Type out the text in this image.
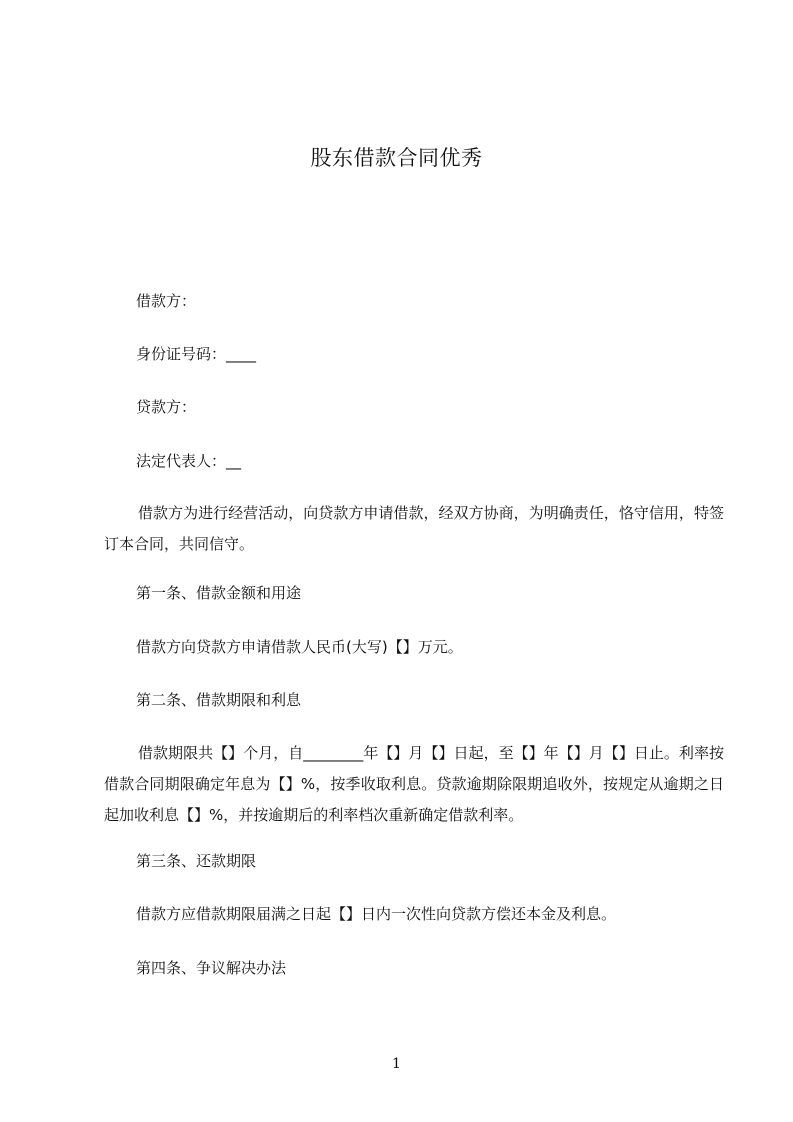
股东借款合同优秀
借款方：
身份证号码：____
贷款方：
法定代表人：__
借款方为进行经营活动，向贷款方申请借款，经双方协商，为明确责任，恪守信用，特签订本合同，共同信守。
第一条、借款金额和用途
借款方向贷款方申请借款人民币(大写)【】万元。
第二条、借款期限和利息
借款期限共【】个月，自________年【】月【】日起，至【】年【】月【】日止。利率按借款合同期限确定年息为【】%，按季收取利息。贷款逾期除限期追收外，按规定从逾期之日起加收利息【】%，并按逾期后的利率档次重新确定借款利率。
第三条、还款期限
借款方应借款期限届满之日起【】日内一次性向贷款方偿还本金及利息。
第四条、争议解决办法
1
